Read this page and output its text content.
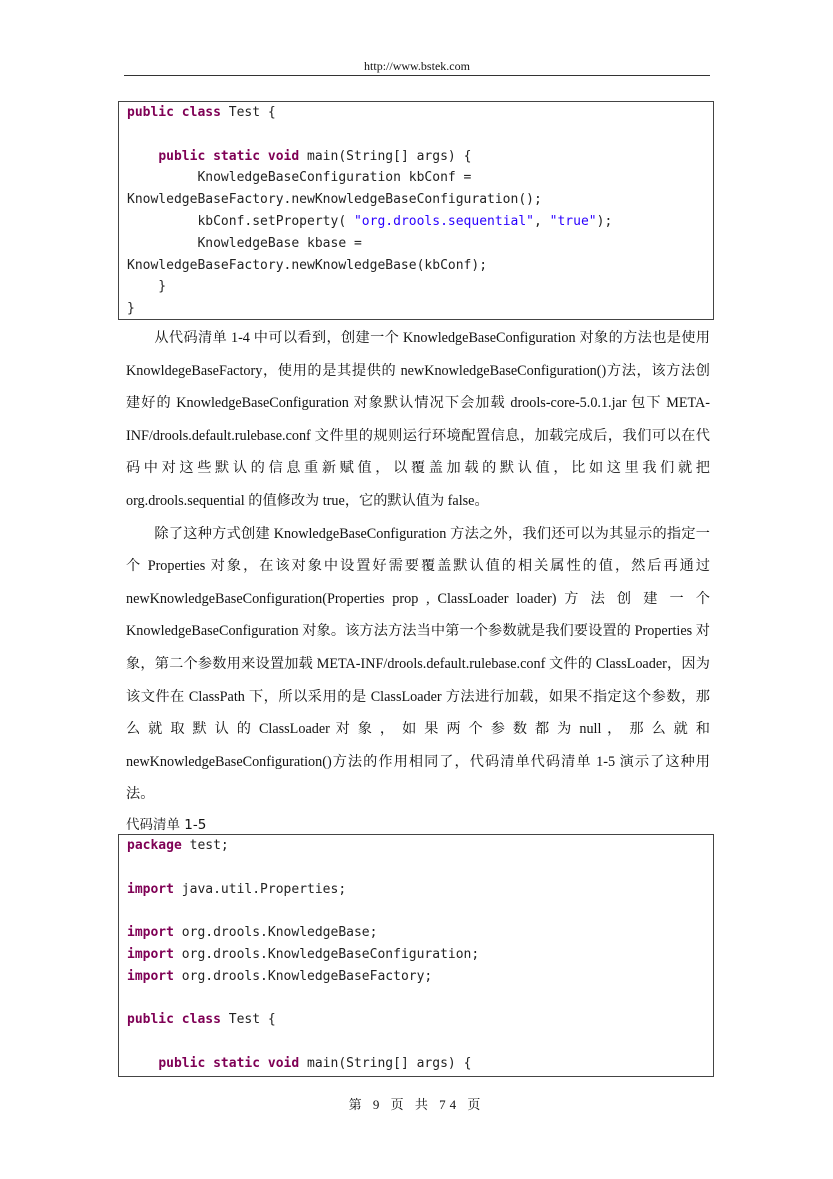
http://www.bstek.com
public class Test {

public static void main(String[] args) {
KnowledgeBaseConfiguration kbConf =
KnowledgeBaseFactory.newKnowledgeBaseConfiguration();
kbConf.setProperty( "org.drools.sequential", "true");
KnowledgeBase kbase =
KnowledgeBaseFactory.newKnowledgeBase(kbConf);
}
}

从代码清单 1-4 中可以看到，创建一个 KnowledgeBaseConfiguration 对象的方法也是使用 KnowldegeBaseFactory，使用的是其提供的 newKnowledgeBaseConfiguration()方法，该方法创建好的 KnowledgeBaseConfiguration 对象默认情况下会加载 drools-core-5.0.1.jar 包下 META-INF/drools.default.rulebase.conf 文件里的规则运行环境配置信息，加载完成后，我们可以在代码中对这些默认的信息重新赋值，以覆盖加载的默认值，比如这里我们就把 org.drools.sequential 的值修改为 true，它的默认值为 false。

除了这种方式创建 KnowledgeBaseConfiguration 方法之外，我们还可以为其显示的指定一个 Properties 对象，在该对象中设置好需要覆盖默认值的相关属性的值，然后再通过 newKnowledgeBaseConfiguration(Properties prop , ClassLoader loader) 方 法 创 建 一 个 KnowledgeBaseConfiguration 对象。该方法方法当中第一个参数就是我们要设置的 Properties 对象，第二个参数用来设置加载 META-INF/drools.default.rulebase.conf 文件的 ClassLoader，因为该文件在 ClassPath 下，所以采用的是 ClassLoader 方法进行加载，如果不指定这个参数，那 么 就 取 默 认 的 ClassLoader 对 象 ， 如 果 两 个 参 数 都 为 null ， 那 么 就 和 newKnowledgeBaseConfiguration()方法的作用相同了，代码清单代码清单 1-5 演示了这种用法。

代码清单 1-5
package test;

import java.util.Properties;

import org.drools.KnowledgeBase;
import org.drools.KnowledgeBaseConfiguration;
import org.drools.KnowledgeBaseFactory;

public class Test {

public static void main(String[] args) {
第 9 页 共 74 页
